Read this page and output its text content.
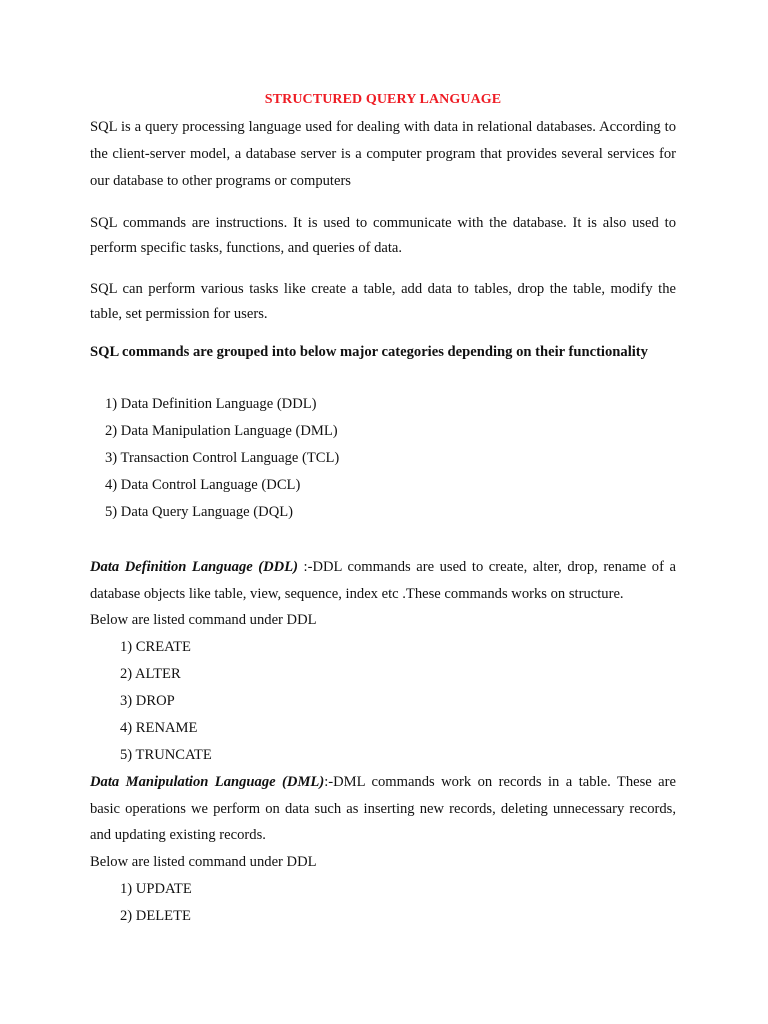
STRUCTURED QUERY LANGUAGE

SQL is a query processing language used for dealing with data in relational databases. According to the client-server model, a database server is a computer program that provides several services for our database to other programs or computers

SQL commands are instructions. It is used to communicate with the database. It is also used to perform specific tasks, functions, and queries of data.

SQL can perform various tasks like create a table, add data to tables, drop the table, modify the table, set permission for users.

SQL commands are grouped into below major categories depending on their functionality
1) Data Definition Language (DDL)
2) Data Manipulation Language (DML)
3) Transaction Control Language (TCL)
4) Data Control Language (DCL)
5) Data Query Language (DQL)

Data Definition Language (DDL) :-DDL commands are used to create, alter, drop, rename of a database objects like table, view, sequence, index etc .These commands works on structure.

Below are listed command under DDL

1) CREATE
2) ALTER
3) DROP
4) RENAME
5) TRUNCATE

Data Manipulation Language (DML):-DML commands work on records in a table. These are basic operations we perform on data such as inserting new records, deleting unnecessary records, and updating existing records.

Below are listed command under DDL

1) UPDATE
2) DELETE
